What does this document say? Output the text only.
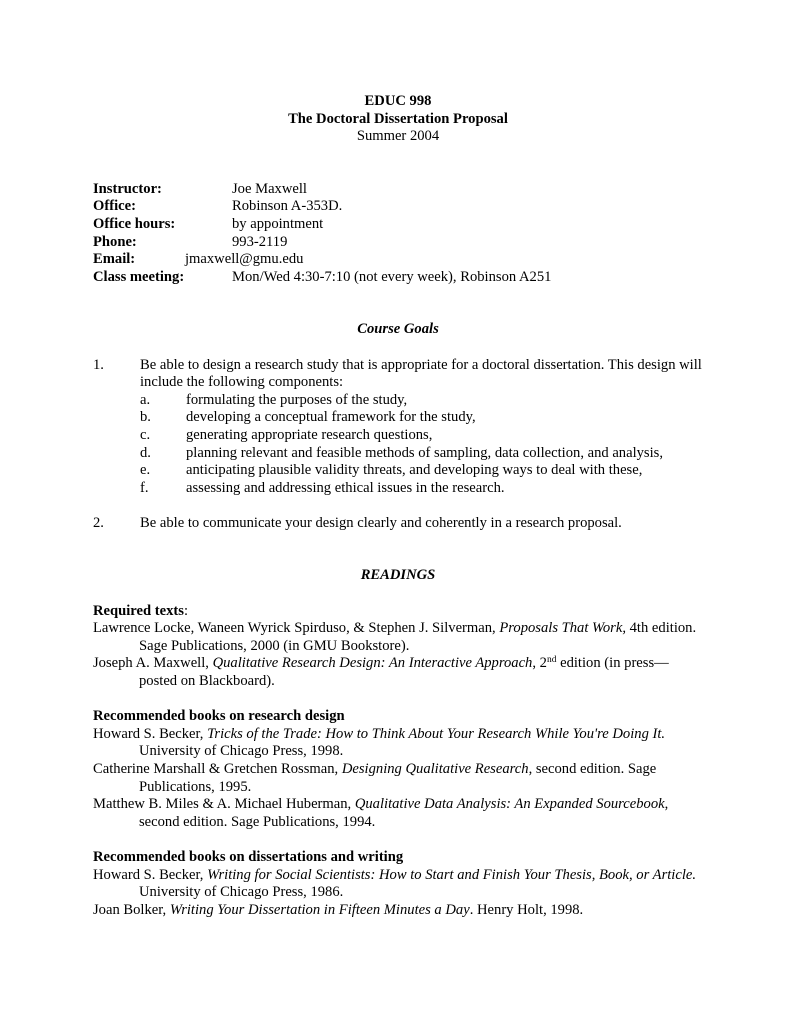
EDUC 998
The Doctoral Dissertation Proposal
Summer 2004
Instructor:	Joe Maxwell
Office:	Robinson A-353D.
Office hours:	by appointment
Phone:	993-2119
Email:	jmaxwell@gmu.edu
Class meeting:	Mon/Wed 4:30-7:10 (not every week), Robinson A251
Course Goals
1.	Be able to design a research study that is appropriate for a doctoral dissertation. This design will include the following components:
a.	formulating the purposes of the study,
b.	developing a conceptual framework for the study,
c.	generating appropriate research questions,
d.	planning relevant and feasible methods of sampling, data collection, and analysis,
e.	anticipating plausible validity threats, and developing ways to deal with these,
f.	assessing and addressing ethical issues in the research.
2.	Be able to communicate your design clearly and coherently in a research proposal.
READINGS
Required texts:
Lawrence Locke, Waneen Wyrick Spirduso, & Stephen J. Silverman, Proposals That Work, 4th edition. Sage Publications, 2000 (in GMU Bookstore).
Joseph A. Maxwell, Qualitative Research Design: An Interactive Approach, 2nd edition (in press—posted on Blackboard).
Recommended books on research design
Howard S. Becker, Tricks of the Trade: How to Think About Your Research While You're Doing It. University of Chicago Press, 1998.
Catherine Marshall & Gretchen Rossman, Designing Qualitative Research, second edition. Sage Publications, 1995.
Matthew B. Miles & A. Michael Huberman, Qualitative Data Analysis: An Expanded Sourcebook, second edition. Sage Publications, 1994.
Recommended books on dissertations and writing
Howard S. Becker, Writing for Social Scientists: How to Start and Finish Your Thesis, Book, or Article. University of Chicago Press, 1986.
Joan Bolker, Writing Your Dissertation in Fifteen Minutes a Day. Henry Holt, 1998.
